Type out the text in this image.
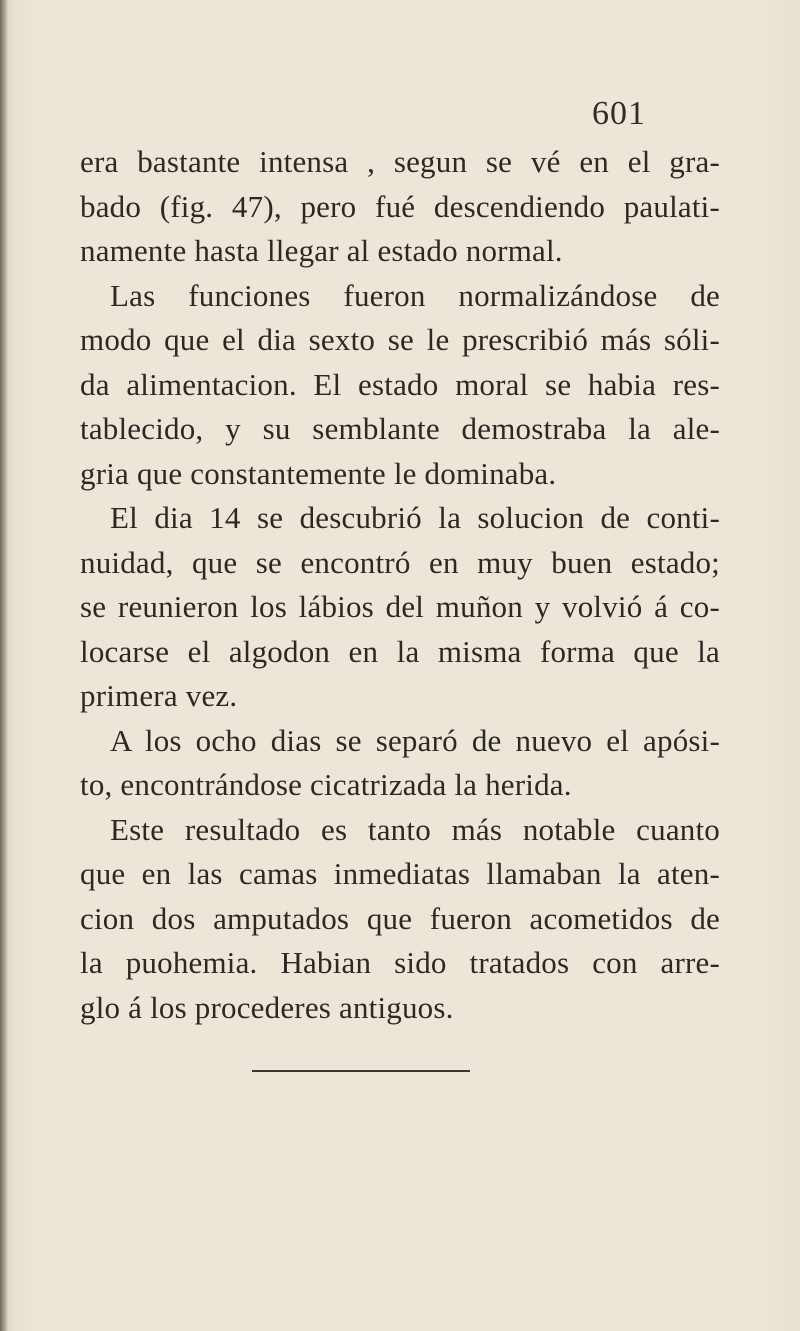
601
era bastante intensa , segun se vé en el gra-
bado (fig. 47), pero fué descendiendo paulati-
namente hasta llegar al estado normal.
Las funciones fueron normalizándose de
modo que el dia sexto se le prescribió más sóli-
da alimentacion. El estado moral se habia res-
tablecido, y su semblante demostraba la ale-
gria que constantemente le dominaba.
El dia 14 se descubrió la solucion de conti-
nuidad, que se encontró en muy buen estado;
se reunieron los lábios del muñon y volvió á co-
locarse el algodon en la misma forma que la
primera vez.
A los ocho dias se separó de nuevo el apósi-
to, encontrándose cicatrizada la herida.
Este resultado es tanto más notable cuanto
que en las camas inmediatas llamaban la aten-
cion dos amputados que fueron acometidos de
la puohemia. Habian sido tratados con arre-
glo á los procederes antiguos.
